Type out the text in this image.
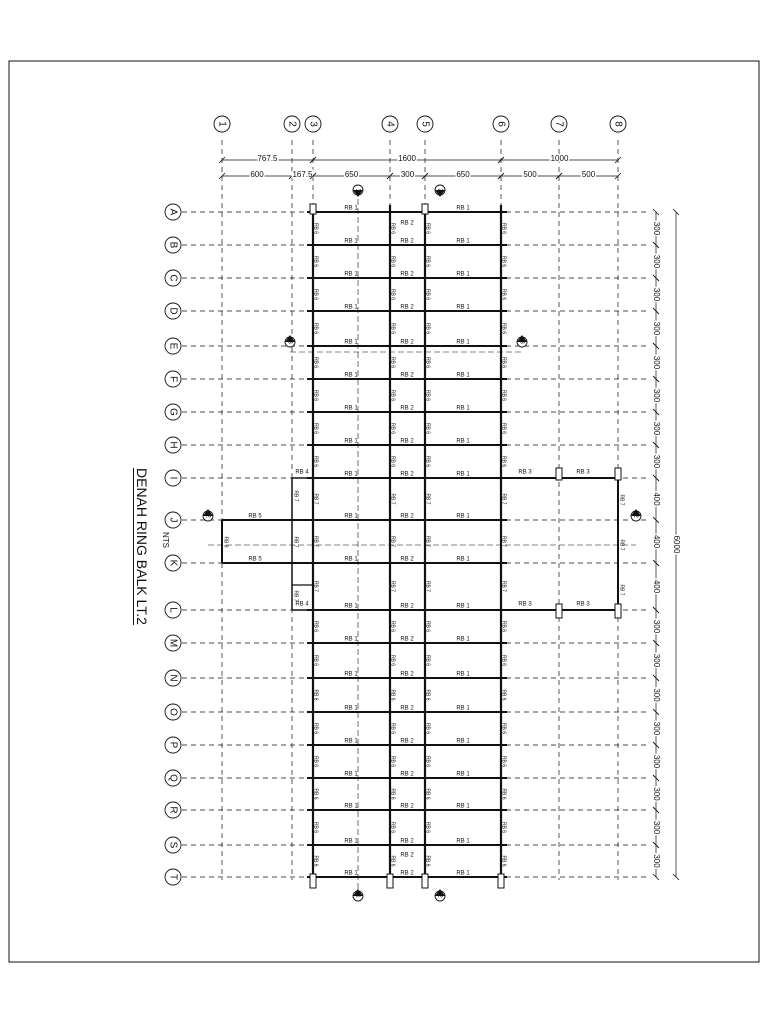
RB 1	RB 1
RB 1	RB 1
RB 2
RB 1	RB 1
RB 2
RB 1	RB 1
RB 2
RB 1	RB 1
RB 2
RB 1	RB 1
RB 2
RB 1	RB 1
RB 2
RB 1	RB 1
RB 2
RB 1	RB 1
RB 2
RB 1	RB 1
RB 2
RB 1	RB 1
RB 2
RB 1	RB 1
RB 2
RB 1	RB 1
RB 2
RB 1	RB 1
RB 2
RB 1	RB 1
RB 2
RB 1	RB 1
RB 2
RB 1	RB 1
RB 2
RB 1	RB 1
RB 2
RB 1	RB 1
RB 2
RB 1	RB 1
RB 2
RB 2
RB 2
RB 6	RB 6	RB 6	RB 6
RB 6	RB 6	RB 6	RB 6
RB 6	RB 6	RB 6	RB 6
RB 6	RB 6	RB 6	RB 6
RB 6	RB 6	RB 6	RB 6
RB 6	RB 6	RB 6	RB 6
RB 6	RB 6	RB 6	RB 6
RB 6	RB 6	RB 6	RB 6
RB 7	RB 7	RB 7	RB 7
RB 7	RB 7	RB 7	RB 7
RB 7	RB 7	RB 7	RB 7
RB 6	RB 6	RB 6	RB 6
RB 6	RB 6	RB 6	RB 6
RB 6	RB 6	RB 6	RB 6
RB 6	RB 6	RB 6	RB 6
RB 6	RB 6	RB 6	RB 6
RB 6	RB 6	RB 6	RB 6
RB 6	RB 6	RB 6	RB 6
RB 6	RB 6	RB 6	RB 6
RB 3	RB 3
RB 3	RB 3
RB 4
RB 4
RB 5
RB 5
RB 8
RB 7
RB 7
RB 7
RB 7
RB 7
RB 7
767.5	1600	1000
600	167.5	650	300	650	500	500
300
300
300
300
300
300
300
300
400
400
400
300
300
300
300
300
300
300
300
6000
1	2 3	4 5	6	7	8
A
B
C
D
E
F
G
H
I
J
K
L
M
N
O
P
Q
R
S
T
1
1
2
2
3	3
2	2
DENAH RING BALK LT.2 NTS
